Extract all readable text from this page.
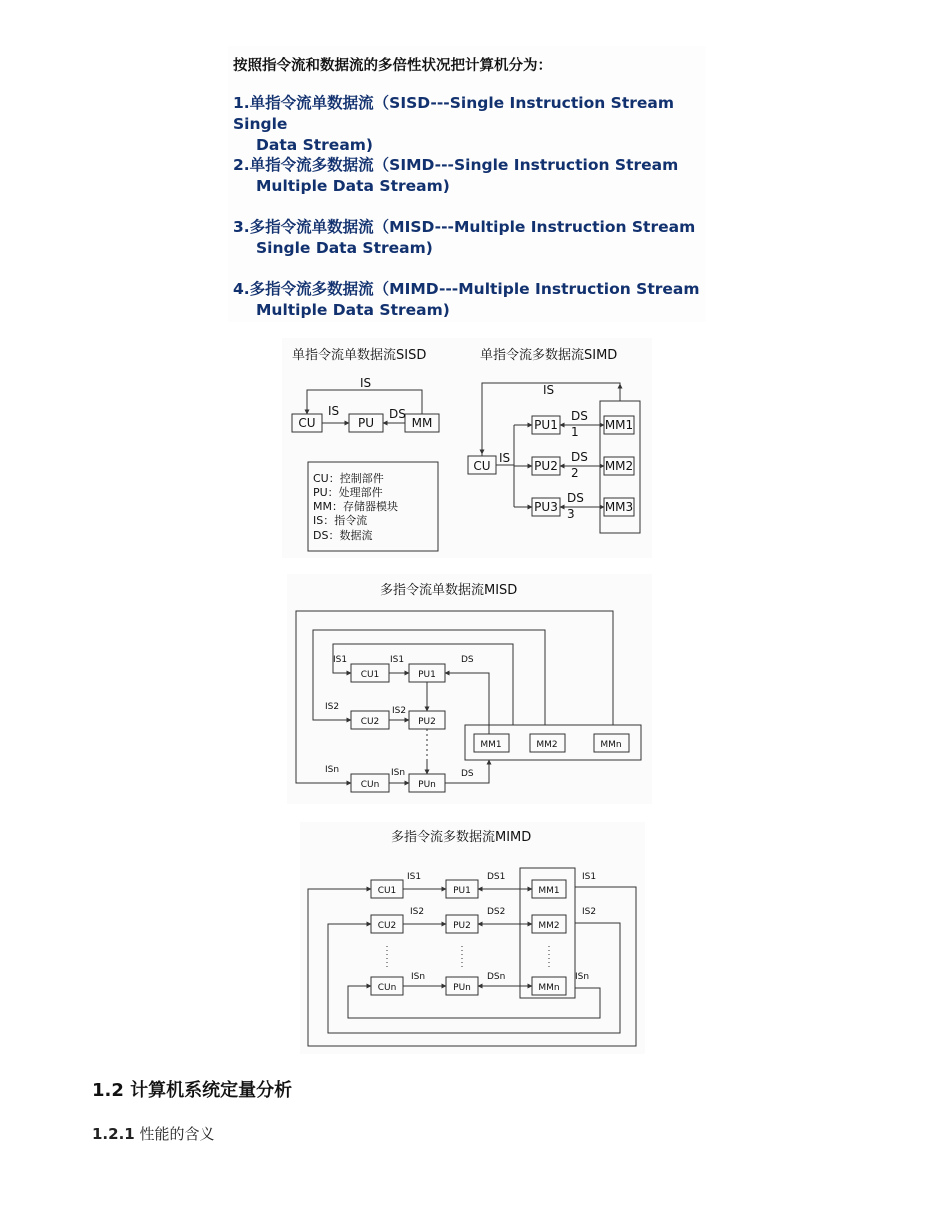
按照指令流和数据流的多倍性状况把计算机分为：
1.单指令流单数据流（SISD---Single Instruction Stream Single
Data Stream)
2.单指令流多数据流（SIMD---Single Instruction Stream
Multiple Data Stream)
3.多指令流单数据流（MISD---Multiple Instruction Stream
Single Data Stream)
4.多指令流多数据流（MIMD---Multiple Instruction Stream
Multiple Data Stream)
单指令流单数据流SISD
IS
IS	DS
CU	PU	MM
CU：控制部件
PU：处理部件
MM：存储器模块
IS：指令流
DS：数据流
单指令流多数据流SIMD
IS
IS
CU
PU1
PU2
PU3
MM1
MM2
MM3
DS
1
DS
2
DS
3
多指令流单数据流MISD
CU1
CU2
CUn
PU1
PU2
PUn
MM1	MM2	MMn
IS1
IS2
ISn
IS1
IS2
ISn
DS
DS
多指令流多数据流MIMD
CU1
CU2
CUn
PU1
PU2
PUn
MM1
MM2
MMn
IS1
IS2
ISn
DS1
DS2
DSn
IS1
IS2
ISn
1.2 计算机系统定量分析
1.2.1 性能的含义
